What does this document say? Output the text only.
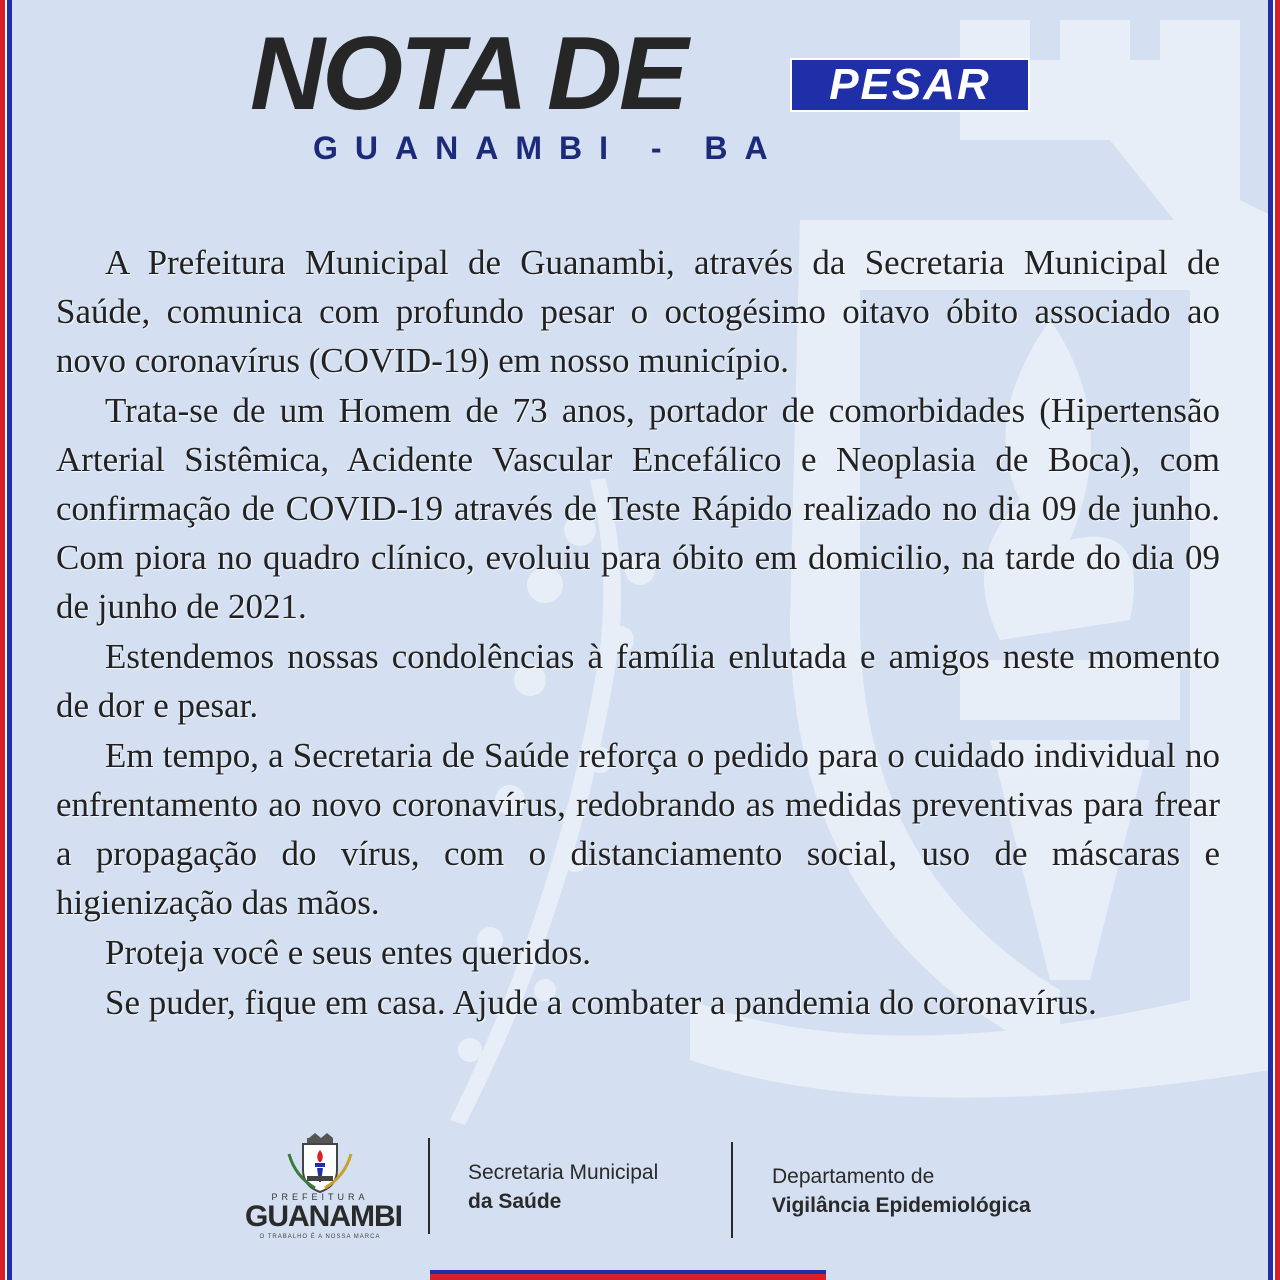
NOTA DE	PESAR
GUANAMBI - BA

A Prefeitura Municipal de Guanambi, através da Secretaria Municipal de Saúde, comunica com profundo pesar o octogésimo oitavo óbito associado ao novo coronavírus (COVID-19) em nosso município.

Trata-se de um Homem de 73 anos, portador de comorbidades (Hipertensão Arterial Sistêmica, Acidente Vascular Encefálico e Neoplasia de Boca), com confirmação de COVID-19 através de Teste Rápido realizado no dia 09 de junho. Com piora no quadro clínico, evoluiu para óbito em domicilio, na tarde do dia 09 de junho de 2021.

Estendemos nossas condolências à família enlutada e amigos neste momento de dor e pesar.

Em tempo, a Secretaria de Saúde reforça o pedido para o cuidado individual no enfrentamento ao novo coronavírus, redobrando as medidas preventivas para frear a propagação do vírus, com o distanciamento social, uso de máscaras e higienização das mãos.

Proteja você e seus entes queridos.

Se puder, fique em casa. Ajude a combater a pandemia do coronavírus.

PREFEITURA
GUANAMBI
O TRABALHO É A NOSSA MARCA
Secretaria Municipal
da Saúde
Departamento de
Vigilância Epidemiológica
